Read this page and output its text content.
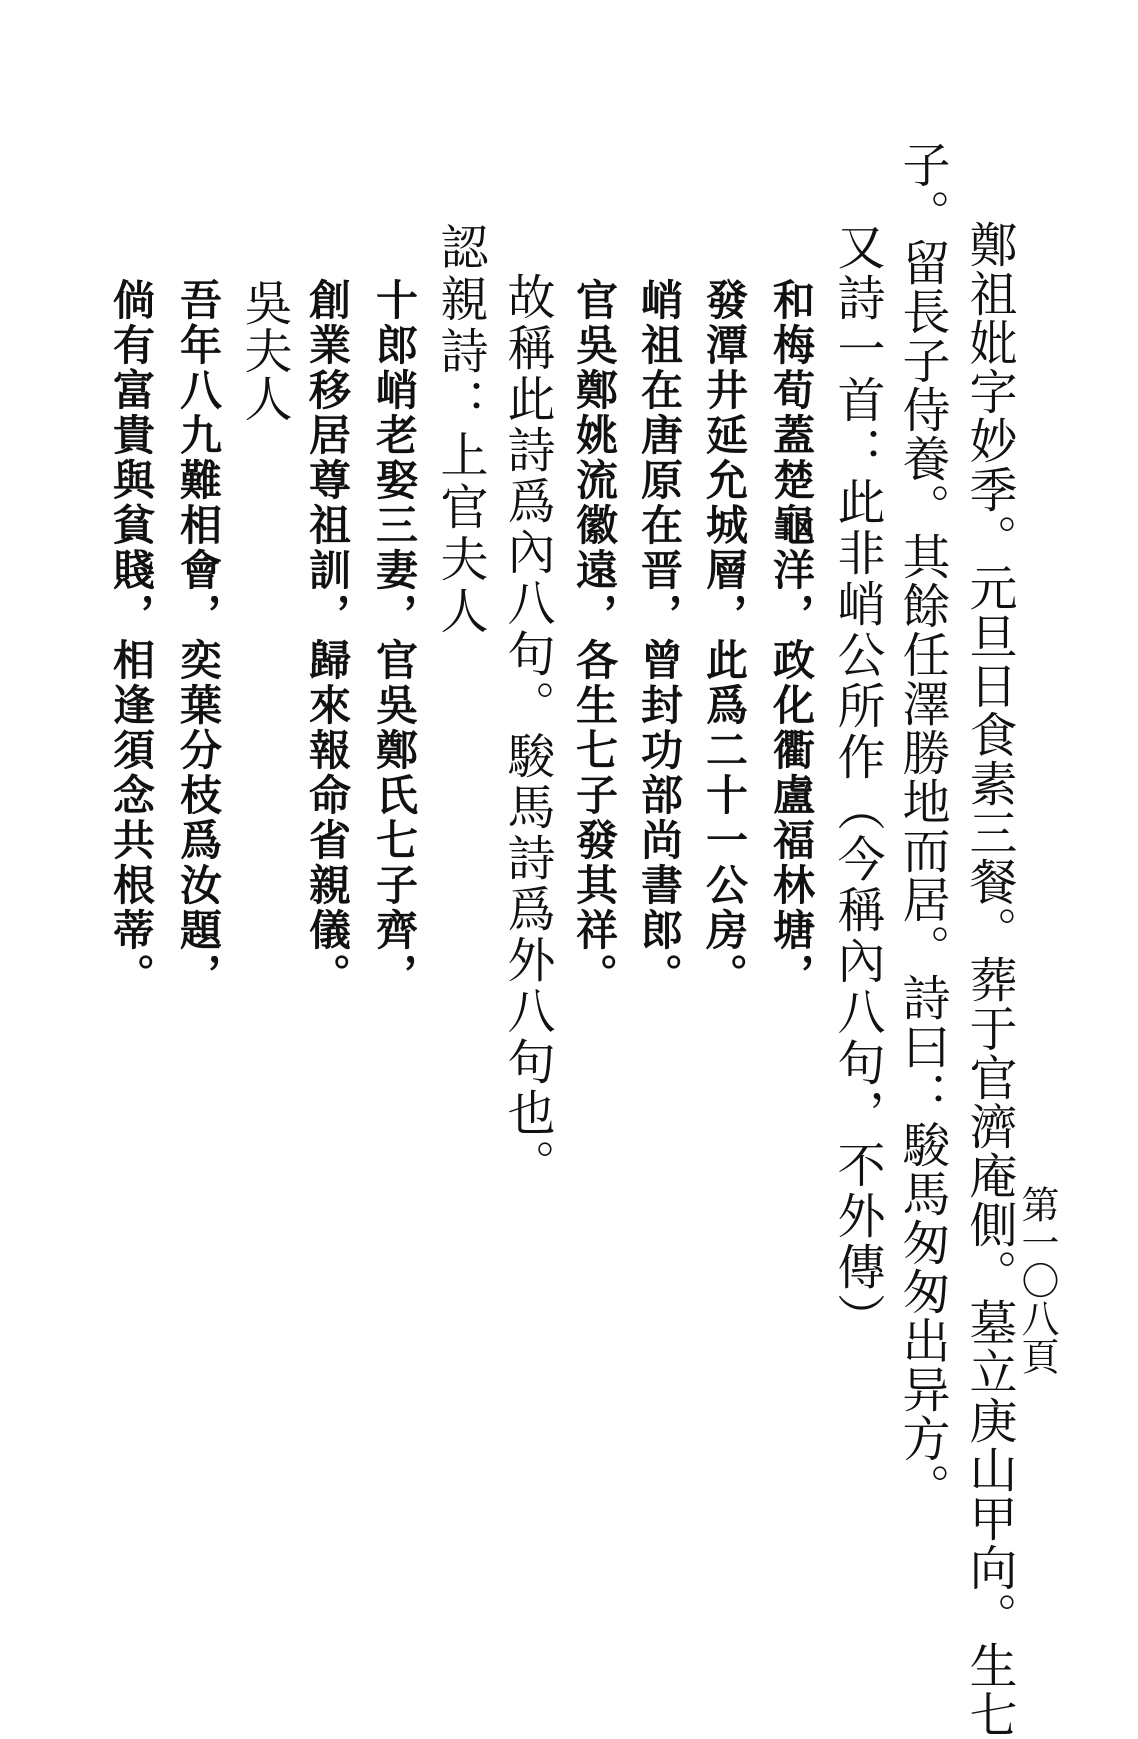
第一〇八頁
鄭祖妣字妙季。元旦日食素三餐。葬于官濟庵側。墓立庚山甲向。生七
子。留長子侍養。其餘任澤勝地而居。詩曰：駿馬匆匆出异方。
又詩一首：此非峭公所作（今稱內八句，不外傳）
和梅荀蓋楚龜洋，政化衢盧福林塘，
發潭井延允城層，此爲二十一公房。
峭祖在唐原在晋，曾封功部尚書郎。
官吳鄭姚流徽遠，各生七子發其祥。
故稱此詩爲內八句。駿馬詩爲外八句也。
認親詩：上官夫人
十郎峭老娶三妻，官吳鄭氏七子齊，
創業移居尊祖訓，歸來報命省親儀。
吳夫人
吾年八九難相會，奕葉分枝爲汝題，
倘有富貴與貧賤，相逢須念共根蒂。
